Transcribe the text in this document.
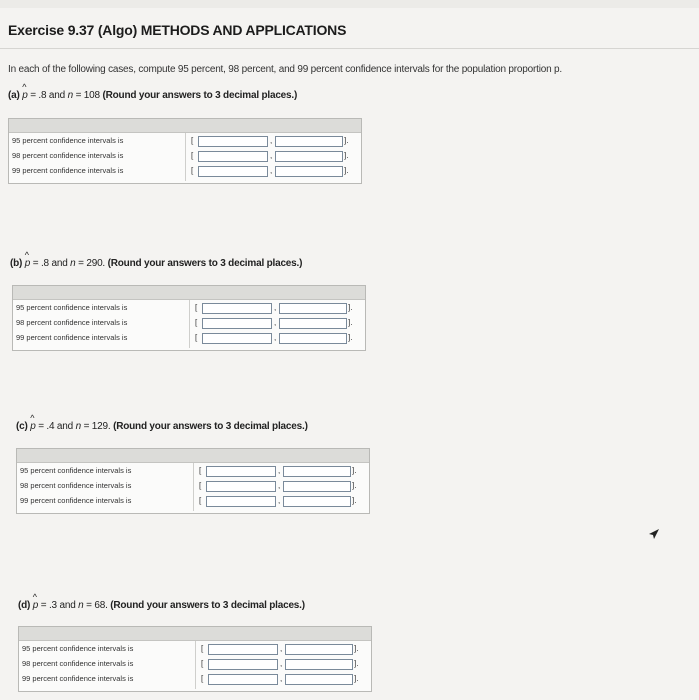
Exercise 9.37 (Algo) METHODS AND APPLICATIONS
In each of the following cases, compute 95 percent, 98 percent, and 99 percent confidence intervals for the population proportion p.
(a) ^ p = .8 and n = 108 (Round your answers to 3 decimal places.)
95 percent confidence intervals is	[	,	].
98 percent confidence intervals is	[	,	].
99 percent confidence intervals is	[	,	].
(b) ^ p = .8 and n = 290. (Round your answers to 3 decimal places.)
95 percent confidence intervals is	[	,	].
98 percent confidence intervals is	[	,	].
99 percent confidence intervals is	[	,	].
(c) ^ p = .4 and n = 129. (Round your answers to 3 decimal places.)
95 percent confidence intervals is	[	,	].
98 percent confidence intervals is	[	,	].
99 percent confidence intervals is	[	,	].
(d) ^ p = .3 and n = 68. (Round your answers to 3 decimal places.)
95 percent confidence intervals is	[	,	].
98 percent confidence intervals is	[	,	].
99 percent confidence intervals is	[	,	].
